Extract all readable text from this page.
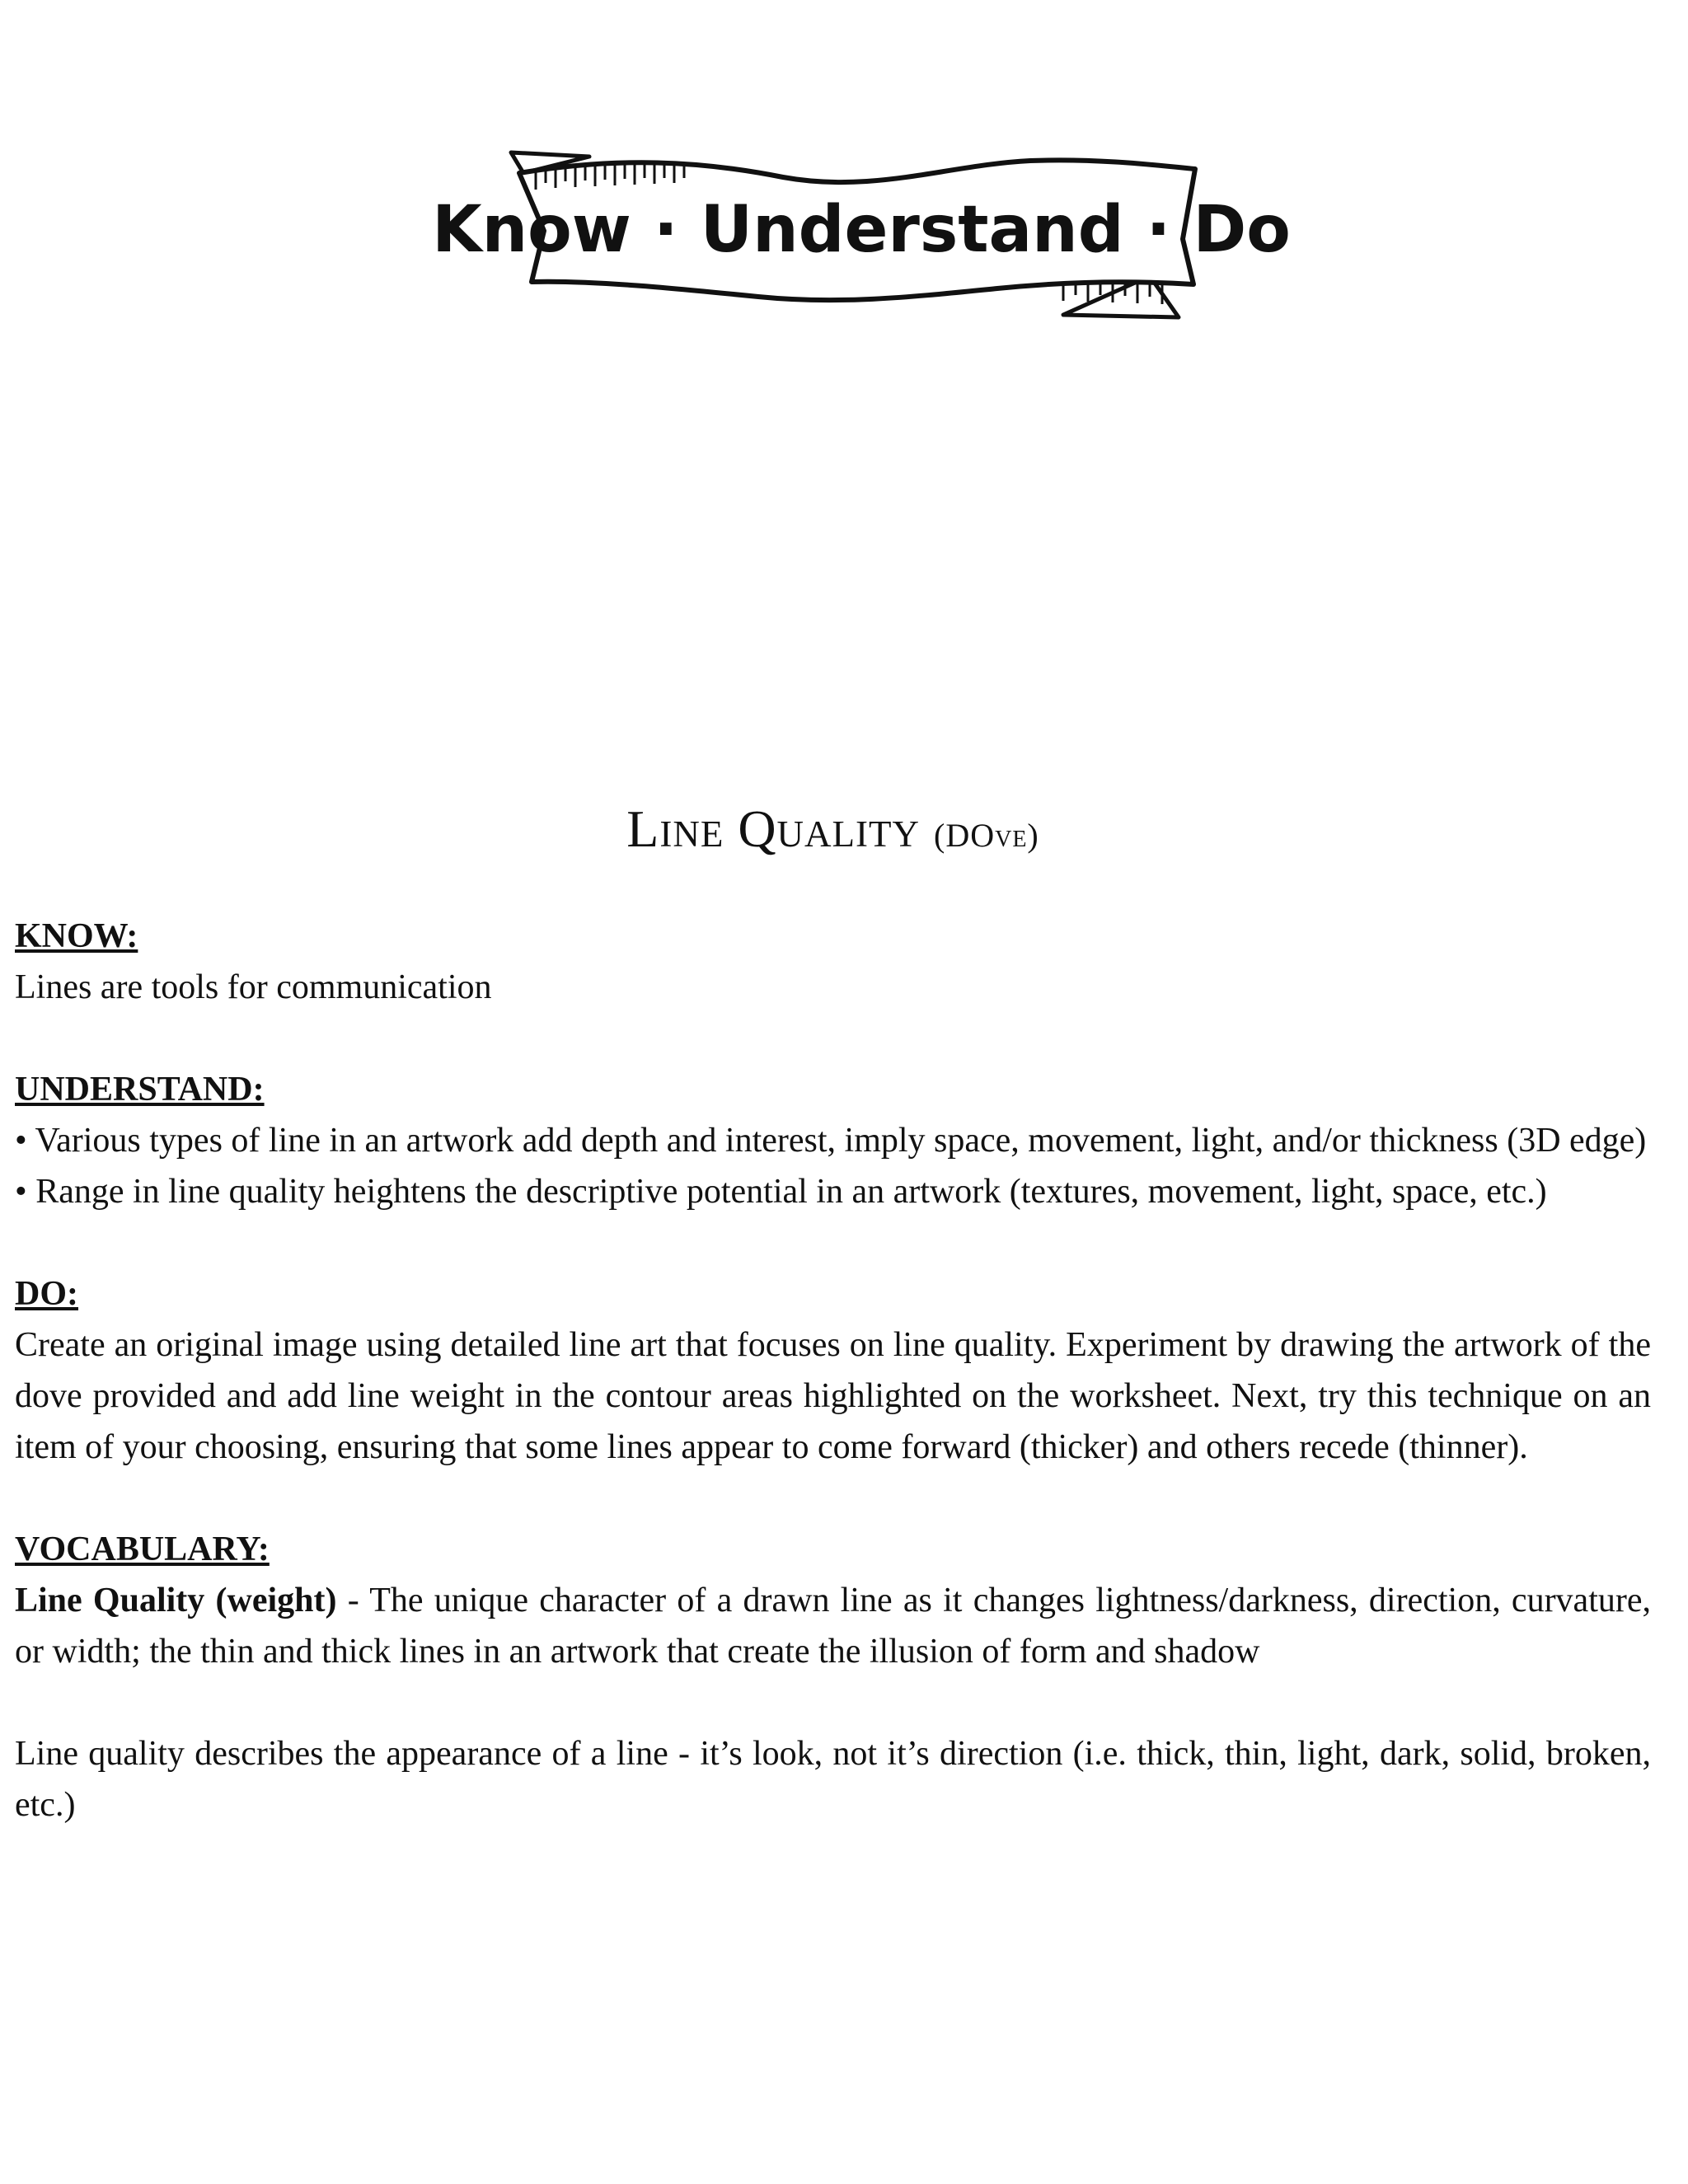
Know · Understand · Do
Line Quality (DOve)

KNOW:

Lines are tools for communication

UNDERSTAND:

• Various types of line in an artwork add depth and interest, imply space, movement, light, and/or thickness (3D edge)

• Range in line quality heightens the descriptive potential in an artwork (textures, movement, light, space, etc.)

DO:

Create an original image using detailed line art that focuses on line quality. Experiment by drawing the artwork of the dove provided and add line weight in the contour areas highlighted on the worksheet. Next, try this technique on an item of your choosing, ensuring that some lines appear to come forward (thicker) and others recede (thinner).

VOCABULARY:

Line Quality (weight) - The unique character of a drawn line as it changes lightness/darkness, direction, curvature, or width; the thin and thick lines in an artwork that create the illusion of form and shadow

Line quality describes the appearance of a line - it’s look, not it’s direction (i.e. thick, thin, light, dark, solid, broken, etc.)
